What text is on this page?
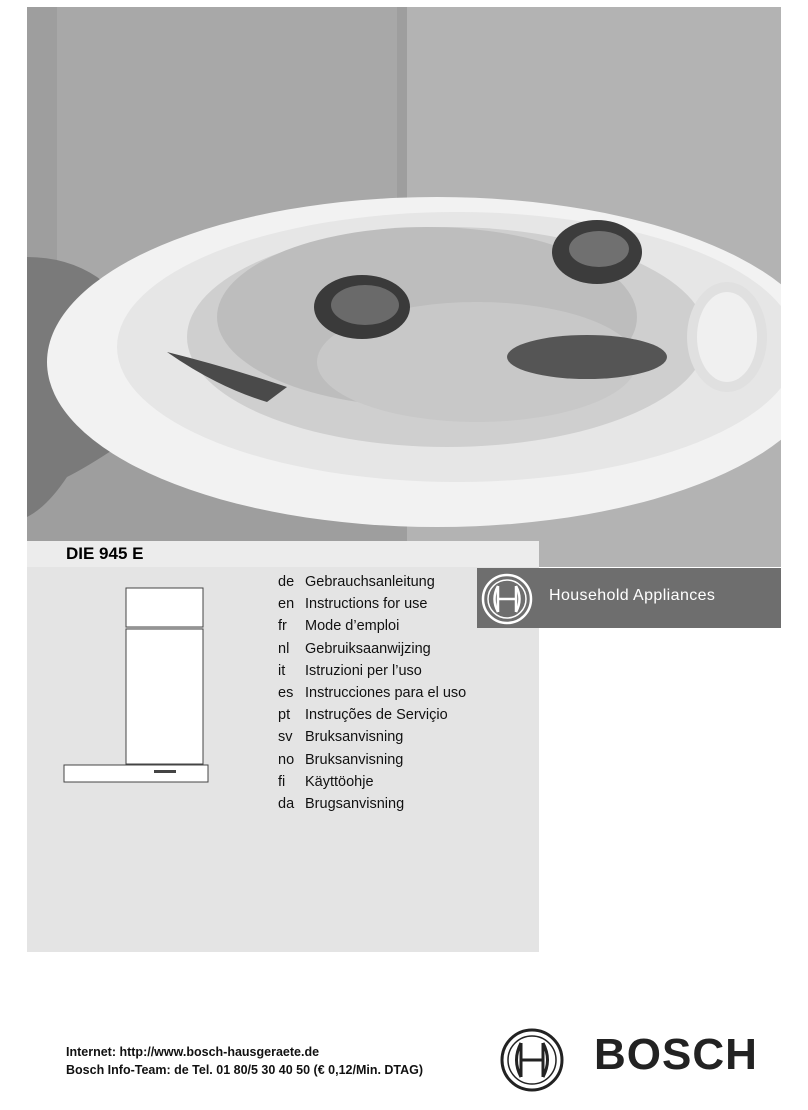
DIE 945 E
de Gebrauchsanleitung
en Instructions for use
fr	Mode d’emploi
nl	Gebruiksaanwijzing
it	Istruzioni per l’uso
es Instrucciones para el uso
pt	Instruções de Serviçio
sv Bruksanvisning
no Bruksanvisning
fi	Käyttöohje
da Brugsanvisning
Household Appliances
Internet: http://www.bosch-hausgeraete.de
Bosch Info-Team: de Tel. 01 80/5 30 40 50 (€ 0,12/Min. DTAG)	BOSCH
